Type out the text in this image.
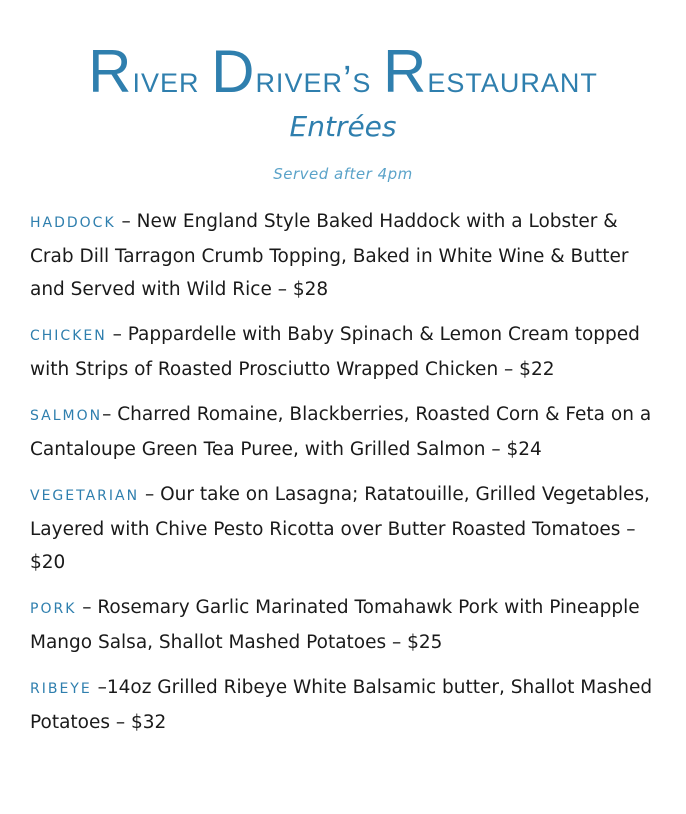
River Driver’s Restaurant
Entrées
Served after 4pm

HADDOCK – New England Style Baked Haddock with a Lobster & Crab Dill Tarragon Crumb Topping, Baked in White Wine & Butter and Served with Wild Rice – $28

CHICKEN – Pappardelle with Baby Spinach & Lemon Cream topped with Strips of Roasted Prosciutto Wrapped Chicken – $22

SALMON– Charred Romaine, Blackberries, Roasted Corn & Feta on a Cantaloupe Green Tea Puree, with Grilled Salmon – $24

VEGETARIAN – Our take on Lasagna; Ratatouille, Grilled Vegetables, Layered with Chive Pesto Ricotta over Butter Roasted Tomatoes – $20

PORK – Rosemary Garlic Marinated Tomahawk Pork with Pineapple Mango Salsa, Shallot Mashed Potatoes – $25

RIBEYE –14oz Grilled Ribeye White Balsamic butter, Shallot Mashed Potatoes – $32
